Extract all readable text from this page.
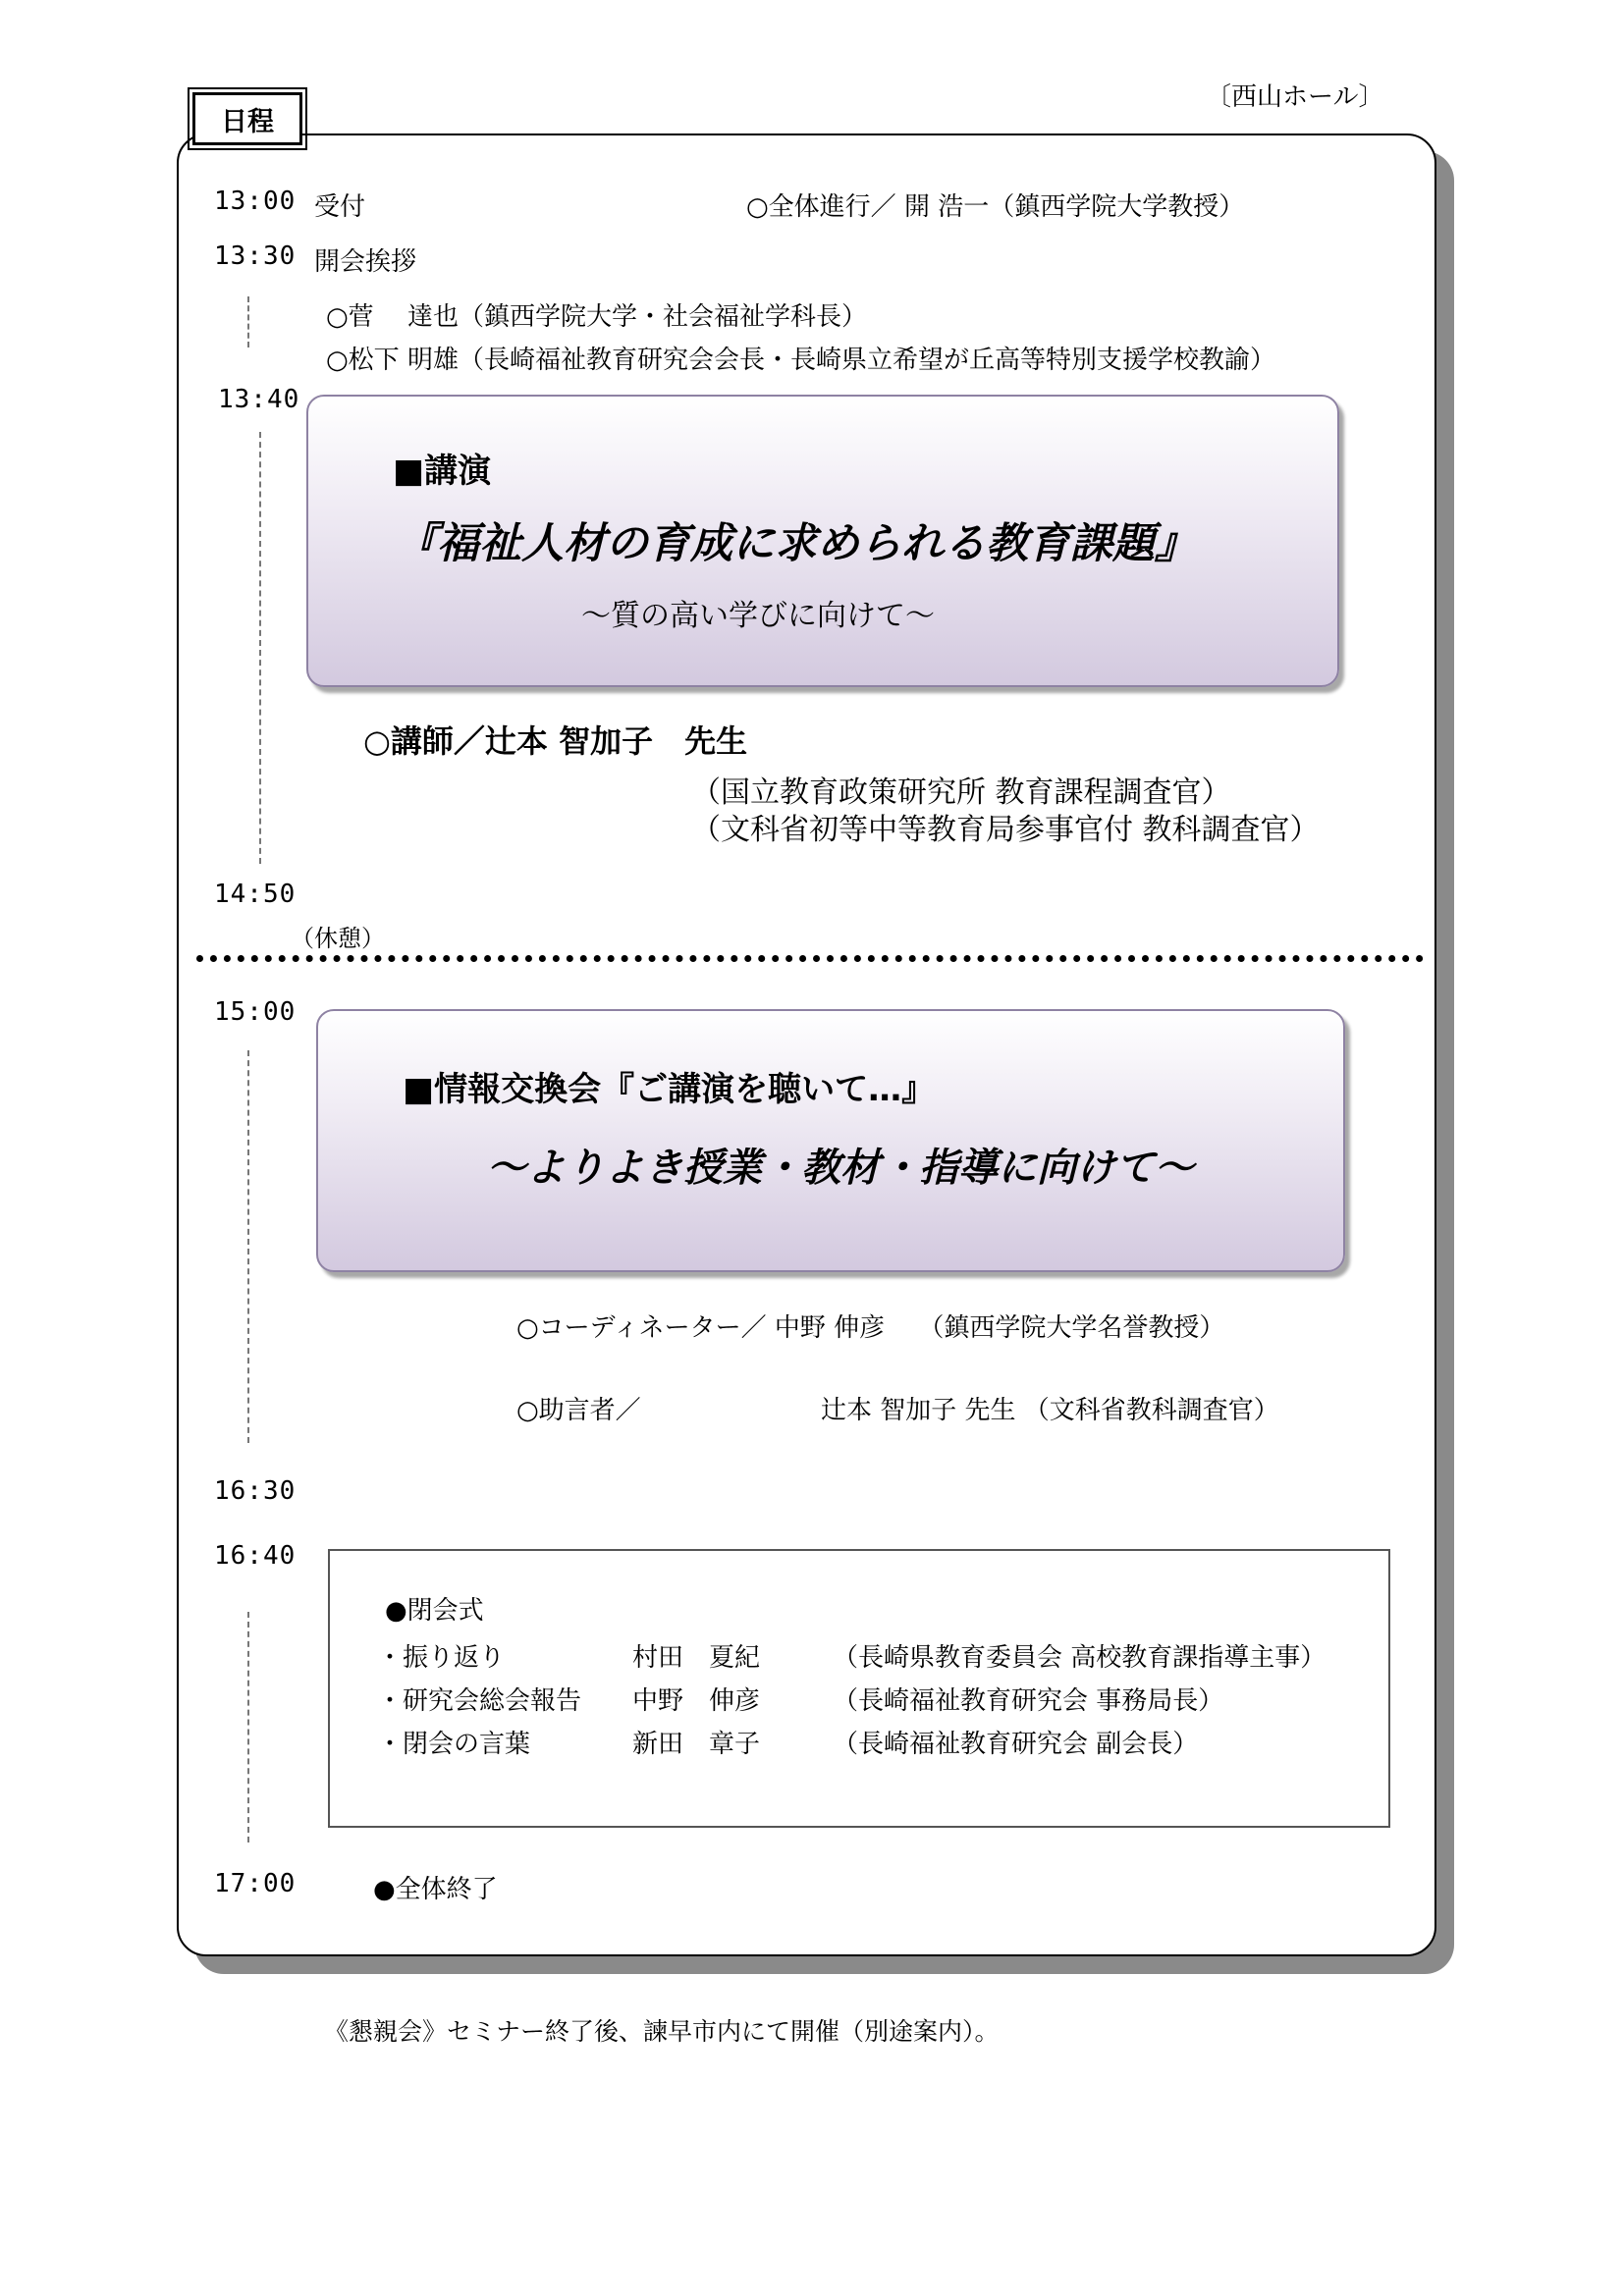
〔西山ホール〕
日程
13:00 受付	○全体進行／ 開 浩一（鎮西学院大学教授）
13:30 開会挨拶
○菅　 達也（鎮西学院大学・社会福祉学科長）
○松下 明雄（長崎福祉教育研究会会長・長崎県立希望が丘高等特別支援学校教諭）
13:40
■講演
『福祉人材の育成に求められる教育課題』
～質の高い学びに向けて～
○講師／辻本 智加子　先生
（国立教育政策研究所 教育課程調査官）
（文科省初等中等教育局参事官付 教科調査官）
14:50
（休憩）
15:00
■情報交換会『ご講演を聴いて…』
～よりよき授業・教材・指導に向けて～
○コーディネーター／ 中野 伸彦　 （鎮西学院大学名誉教授）
○助言者／	辻本 智加子 先生 （文科省教科調査官）
16:30
16:40
●閉会式
・振り返り	村田　夏紀	（長崎県教育委員会 高校教育課指導主事）
・研究会総会報告 中野　伸彦	（長崎福祉教育研究会 事務局長）
・閉会の言葉	新田　章子	（長崎福祉教育研究会 副会長）
17:00	●全体終了
《懇親会》セミナー終了後、諫早市内にて開催（別途案内）。
